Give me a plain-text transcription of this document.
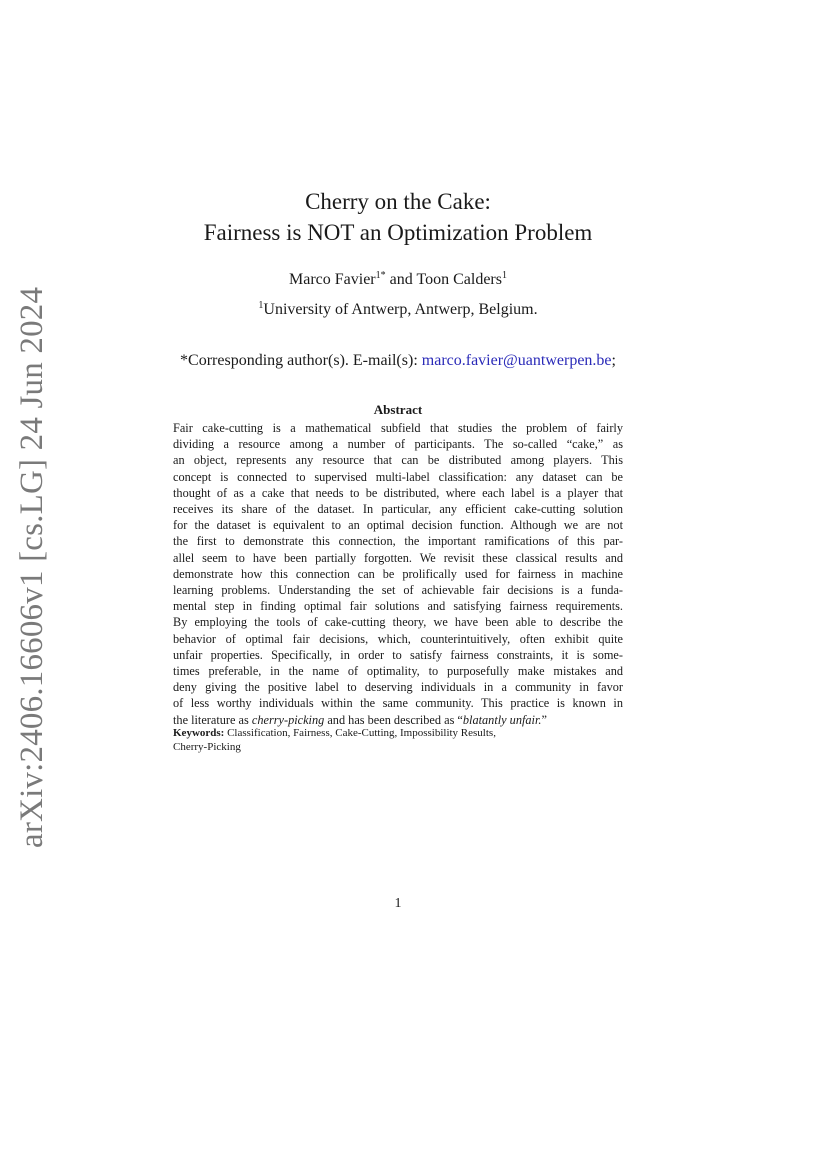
arXiv:2406.16606v1 [cs.LG] 24 Jun 2024
Cherry on the Cake:
Fairness is NOT an Optimization Problem
Marco Favier$^{1*}$ and Toon Calders$^1$
$^1$University of Antwerp, Antwerp, Belgium.
*Corresponding author(s). E-mail(s): marco.favier@uantwerpen.be;
Abstract
Fair cake-cutting is a mathematical subfield that studies the problem of fairly
dividing a resource among a number of participants. The so-called “cake,” as
an object, represents any resource that can be distributed among players. This
concept is connected to supervised multi-label classification: any dataset can be
thought of as a cake that needs to be distributed, where each label is a player that
receives its share of the dataset. In particular, any efficient cake-cutting solution
for the dataset is equivalent to an optimal decision function. Although we are not
the first to demonstrate this connection, the important ramifications of this par-
allel seem to have been partially forgotten. We revisit these classical results and
demonstrate how this connection can be prolifically used for fairness in machine
learning problems. Understanding the set of achievable fair decisions is a funda-
mental step in finding optimal fair solutions and satisfying fairness requirements.
By employing the tools of cake-cutting theory, we have been able to describe the
behavior of optimal fair decisions, which, counterintuitively, often exhibit quite
unfair properties. Specifically, in order to satisfy fairness constraints, it is some-
times preferable, in the name of optimality, to purposefully make mistakes and
deny giving the positive label to deserving individuals in a community in favor
of less worthy individuals within the same community. This practice is known in
the literature as cherry-picking and has been described as “blatantly unfair.”
Keywords: Classification, Fairness, Cake-Cutting, Impossibility Results,
Cherry-Picking
1
